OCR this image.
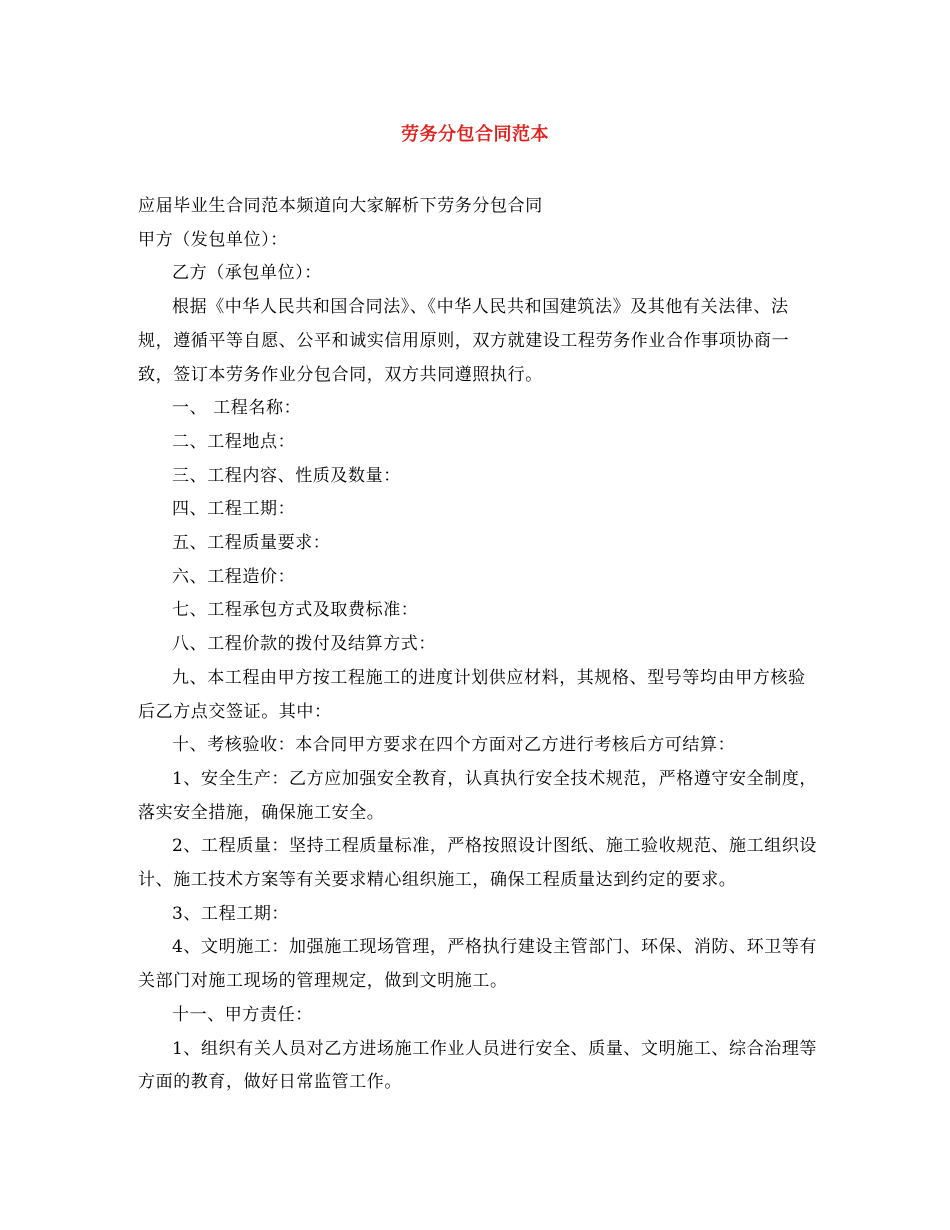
劳务分包合同范本

应届毕业生合同范本频道向大家解析下劳务分包合同

甲方（发包单位）：

乙方（承包单位）：

根据《中华人民共和国合同法》、《中华人民共和国建筑法》及其他有关法律、法规，遵循平等自愿、公平和诚实信用原则，双方就建设工程劳务作业合作事项协商一致，签订本劳务作业分包合同，双方共同遵照执行。

一、 工程名称：

二、工程地点：

三、工程内容、性质及数量：

四、工程工期：

五、工程质量要求：

六、工程造价：

七、工程承包方式及取费标准：

八、工程价款的拨付及结算方式：

九、本工程由甲方按工程施工的进度计划供应材料，其规格、型号等均由甲方核验后乙方点交签证。其中：

十、考核验收：本合同甲方要求在四个方面对乙方进行考核后方可结算：

1、安全生产：乙方应加强安全教育，认真执行安全技术规范，严格遵守安全制度，落实安全措施，确保施工安全。

2、工程质量：坚持工程质量标准，严格按照设计图纸、施工验收规范、施工组织设计、施工技术方案等有关要求精心组织施工，确保工程质量达到约定的要求。

3、工程工期：

4、文明施工：加强施工现场管理，严格执行建设主管部门、环保、消防、环卫等有关部门对施工现场的管理规定，做到文明施工。

十一、甲方责任：

1、组织有关人员对乙方进场施工作业人员进行安全、质量、文明施工、综合治理等方面的教育，做好日常监管工作。
